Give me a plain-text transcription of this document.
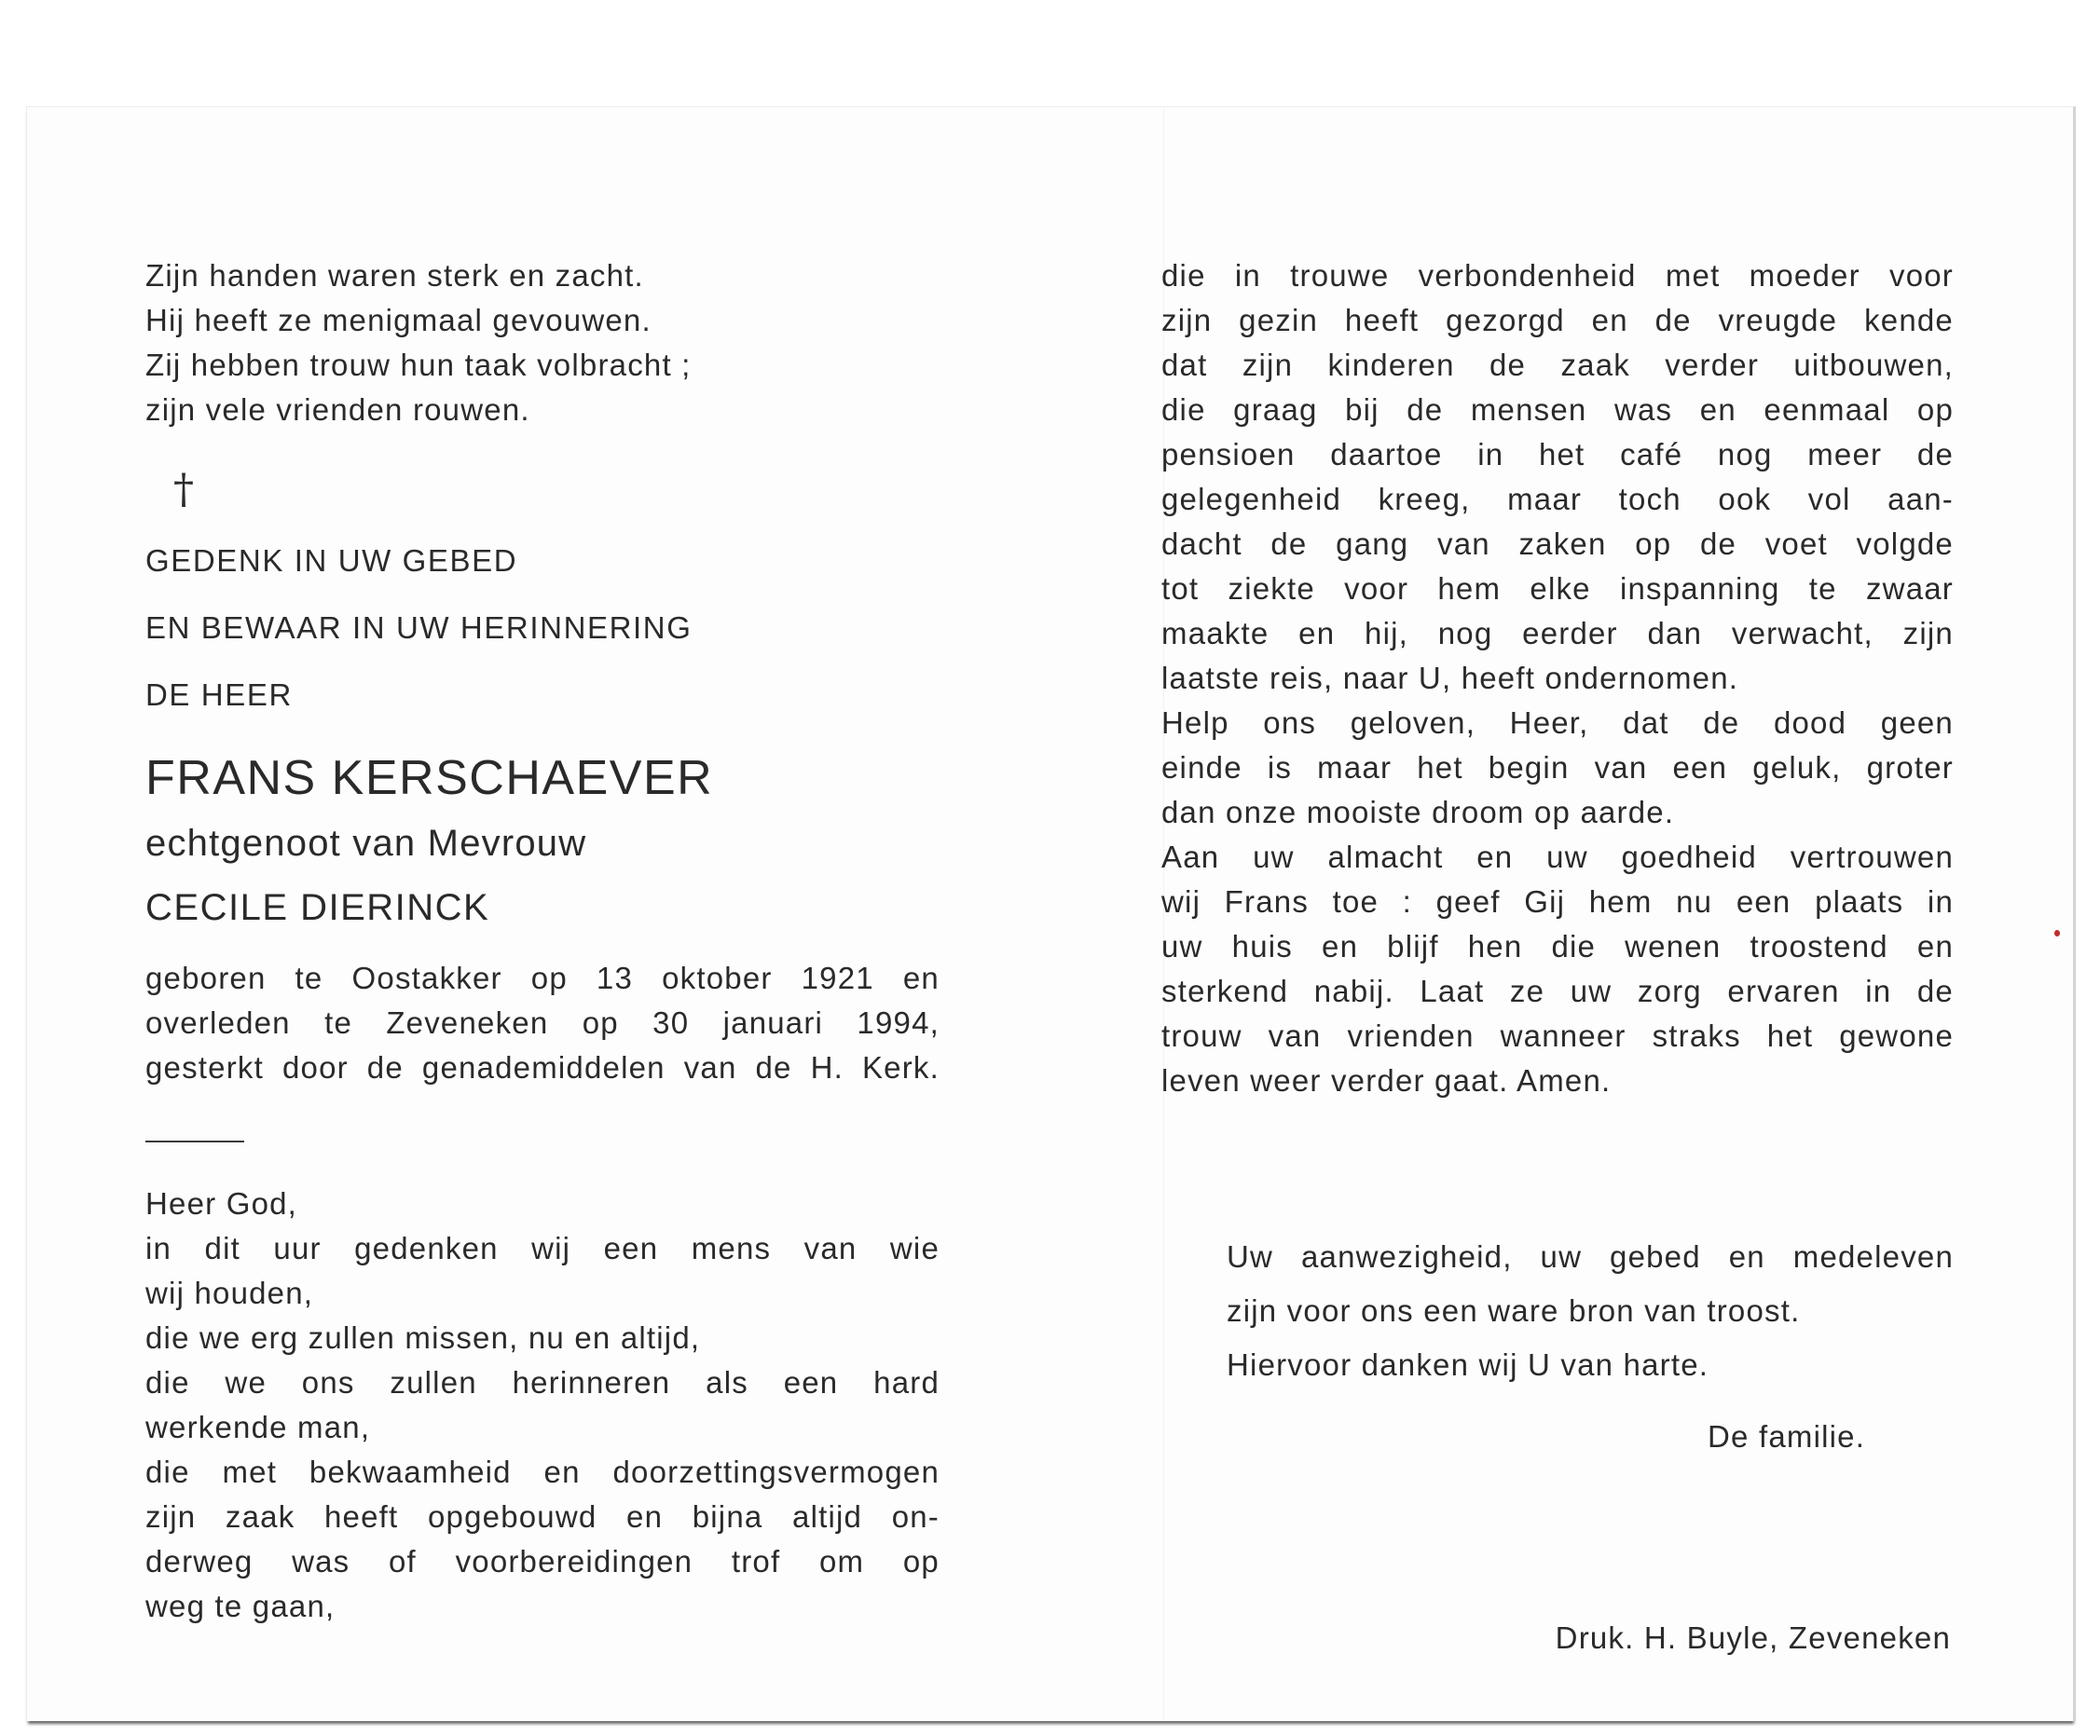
Zijn handen waren sterk en zacht.
Hij heeft ze menigmaal gevouwen.
Zij hebben trouw hun taak volbracht ;
zijn vele vrienden rouwen.
†
GEDENK IN UW GEBED
EN BEWAAR IN UW HERINNERING
DE HEER
FRANS KERSCHAEVER
echtgenoot van Mevrouw
CECILE DIERINCK
geboren te Oostakker op 13 oktober 1921 en
overleden te Zeveneken op 30 januari 1994,
gesterkt door de genademiddelen van de H. Kerk.
Heer God,
in dit uur gedenken wij een mens van wie
wij houden,
die we erg zullen missen, nu en altijd,
die we ons zullen herinneren als een hard
werkende man,
die met bekwaamheid en doorzettingsvermogen
zijn zaak heeft opgebouwd en bijna altijd on-
derweg was of voorbereidingen trof om op
weg te gaan,
die in trouwe verbondenheid met moeder voor
zijn gezin heeft gezorgd en de vreugde kende
dat zijn kinderen de zaak verder uitbouwen,
die graag bij de mensen was en eenmaal op
pensioen daartoe in het café nog meer de
gelegenheid kreeg, maar toch ook vol aan-
dacht de gang van zaken op de voet volgde
tot ziekte voor hem elke inspanning te zwaar
maakte en hij, nog eerder dan verwacht, zijn
laatste reis, naar U, heeft ondernomen.
Help ons geloven, Heer, dat de dood geen
einde is maar het begin van een geluk, groter
dan onze mooiste droom op aarde.
Aan uw almacht en uw goedheid vertrouwen
wij Frans toe : geef Gij hem nu een plaats in
uw huis en blijf hen die wenen troostend en
sterkend nabij. Laat ze uw zorg ervaren in de
trouw van vrienden wanneer straks het gewone
leven weer verder gaat. Amen.
Uw aanwezigheid, uw gebed en medeleven
zijn voor ons een ware bron van troost.
Hiervoor danken wij U van harte.
De familie.
Druk. H. Buyle, Zeveneken
